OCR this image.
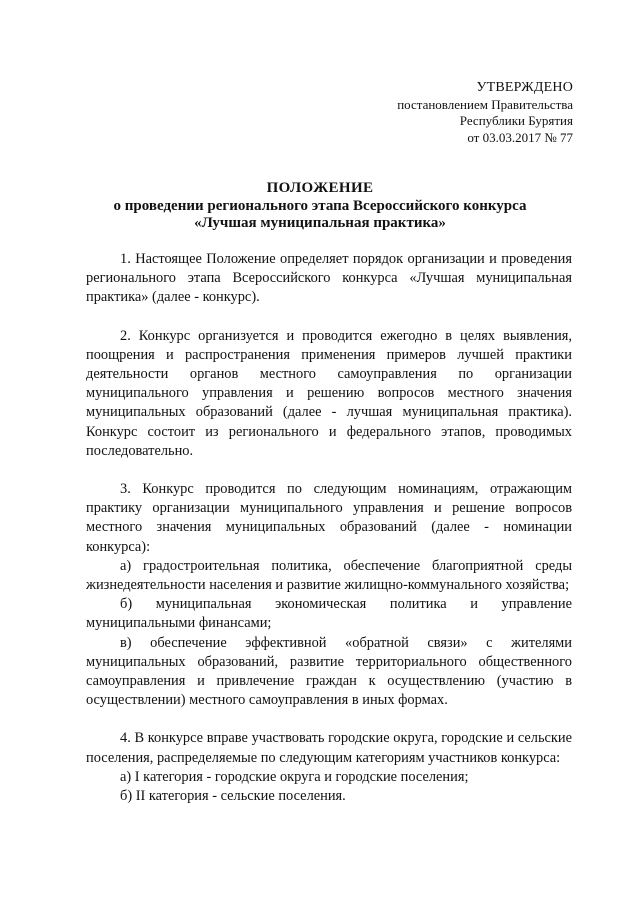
УТВЕРЖДЕНО
постановлением Правительства
Республики Бурятия
от 03.03.2017 № 77
ПОЛОЖЕНИЕ
о проведении регионального этапа Всероссийского конкурса
«Лучшая муниципальная практика»

1. Настоящее Положение определяет порядок организации и проведения регионального этапа Всероссийского конкурса «Лучшая муниципальная практика» (далее - конкурс).

2. Конкурс организуется и проводится ежегодно в целях выявления, поощрения и распространения применения примеров лучшей практики деятельности органов местного самоуправления по организации муниципального управления и решению вопросов местного значения муниципальных образований (далее - лучшая муниципальная практика). Конкурс состоит из регионального и федерального этапов, проводимых последовательно.

3. Конкурс проводится по следующим номинациям, отражающим практику организации муниципального управления и решение вопросов местного значения муниципальных образований (далее - номинации конкурса):

а) градостроительная политика, обеспечение благоприятной среды жизнедеятельности населения и развитие жилищно-коммунального хозяйства;

б) муниципальная экономическая политика и управление муниципальными финансами;

в) обеспечение эффективной «обратной связи» с жителями муниципальных образований, развитие территориального общественного самоуправления и привлечение граждан к осуществлению (участию в осуществлении) местного самоуправления в иных формах.

4. В конкурсе вправе участвовать городские округа, городские и сельские поселения, распределяемые по следующим категориям участников конкурса:

а) I категория - городские округа и городские поселения;

б) II категория - сельские поселения.
